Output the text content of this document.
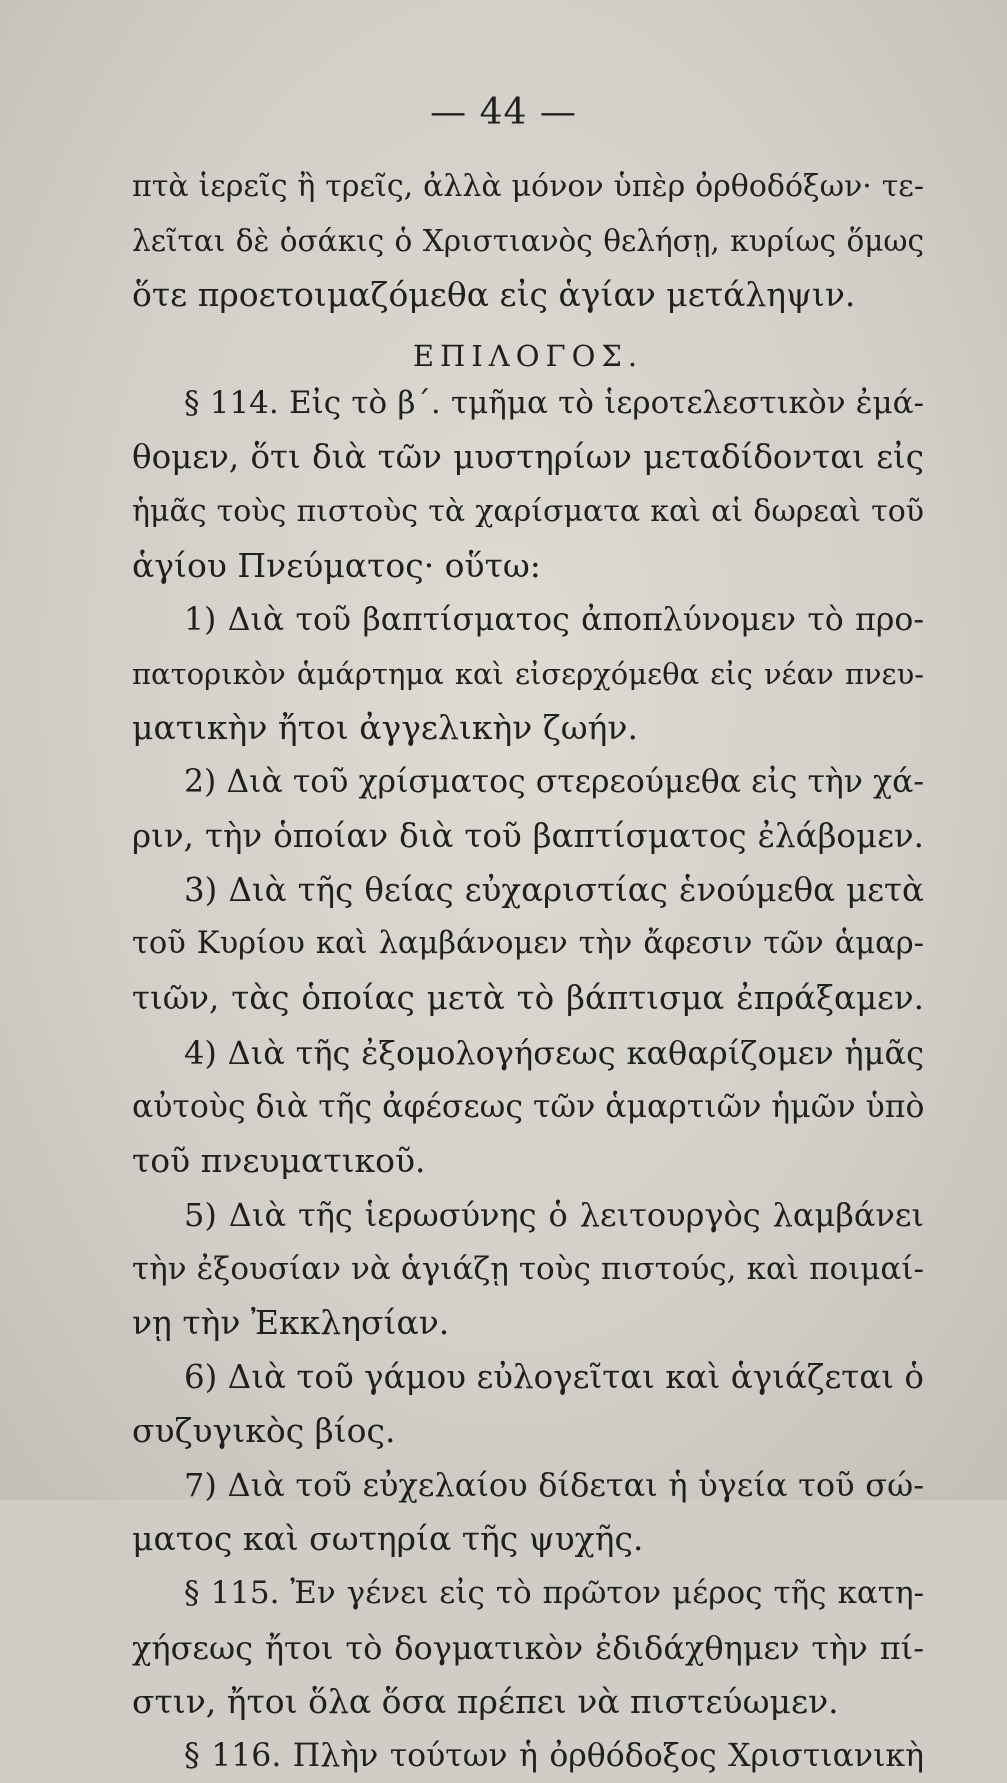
— 44 —
πτὰ ἱερεῖς ἢ τρεῖς, ἀλλὰ μόνον ὑπὲρ ὀρθοδόξων· τε-
λεῖται δὲ ὁσάκις ὁ Χριστιανὸς θελήσῃ, κυρίως ὅμως
ὅτε προετοιμαζόμεθα εἰς ἁγίαν μετάληψιν.
ΕΠΙΛΟΓΟΣ.
§ 114. Εἰς τὸ β΄. τμῆμα τὸ ἱεροτελεστικὸν ἐμά-
θομεν, ὅτι διὰ τῶν μυστηρίων μεταδίδονται εἰς
ἡμᾶς τοὺς πιστοὺς τὰ χαρίσματα καὶ αἱ δωρεαὶ τοῦ
ἁγίου Πνεύματος· οὕτω:
1) Διὰ τοῦ βαπτίσματος ἀποπλύνομεν τὸ προ-
πατορικὸν ἁμάρτημα καὶ εἰσερχόμεθα εἰς νέαν πνευ-
ματικὴν ἤτοι ἀγγελικὴν ζωήν.
2) Διὰ τοῦ χρίσματος στερεούμεθα εἰς τὴν χά-
ριν, τὴν ὁποίαν διὰ τοῦ βαπτίσματος ἐλάβομεν.
3) Διὰ τῆς θείας εὐχαριστίας ἑνούμεθα μετὰ
τοῦ Κυρίου καὶ λαμβάνομεν τὴν ἄφεσιν τῶν ἁμαρ-
τιῶν, τὰς ὁποίας μετὰ τὸ βάπτισμα ἐπράξαμεν.
4) Διὰ τῆς ἐξομολογήσεως καθαρίζομεν ἡμᾶς
αὐτοὺς διὰ τῆς ἀφέσεως τῶν ἁμαρτιῶν ἡμῶν ὑπὸ
τοῦ πνευματικοῦ.
5) Διὰ τῆς ἱερωσύνης ὁ λειτουργὸς λαμβάνει
τὴν ἐξουσίαν νὰ ἁγιάζῃ τοὺς πιστούς, καὶ ποιμαί-
νῃ τὴν Ἐκκλησίαν.
6) Διὰ τοῦ γάμου εὐλογεῖται καὶ ἁγιάζεται ὁ
συζυγικὸς βίος.
7) Διὰ τοῦ εὐχελαίου δίδεται ἡ ὑγεία τοῦ σώ-
ματος καὶ σωτηρία τῆς ψυχῆς.
§ 115. Ἐν γένει εἰς τὸ πρῶτον μέρος τῆς κατη-
χήσεως ἤτοι τὸ δογματικὸν ἐδιδάχθημεν τὴν πί-
στιν, ἤτοι ὅλα ὅσα πρέπει νὰ πιστεύωμεν.
§ 116. Πλὴν τούτων ἡ ὀρθόδοξος Χριστιανικὴ
